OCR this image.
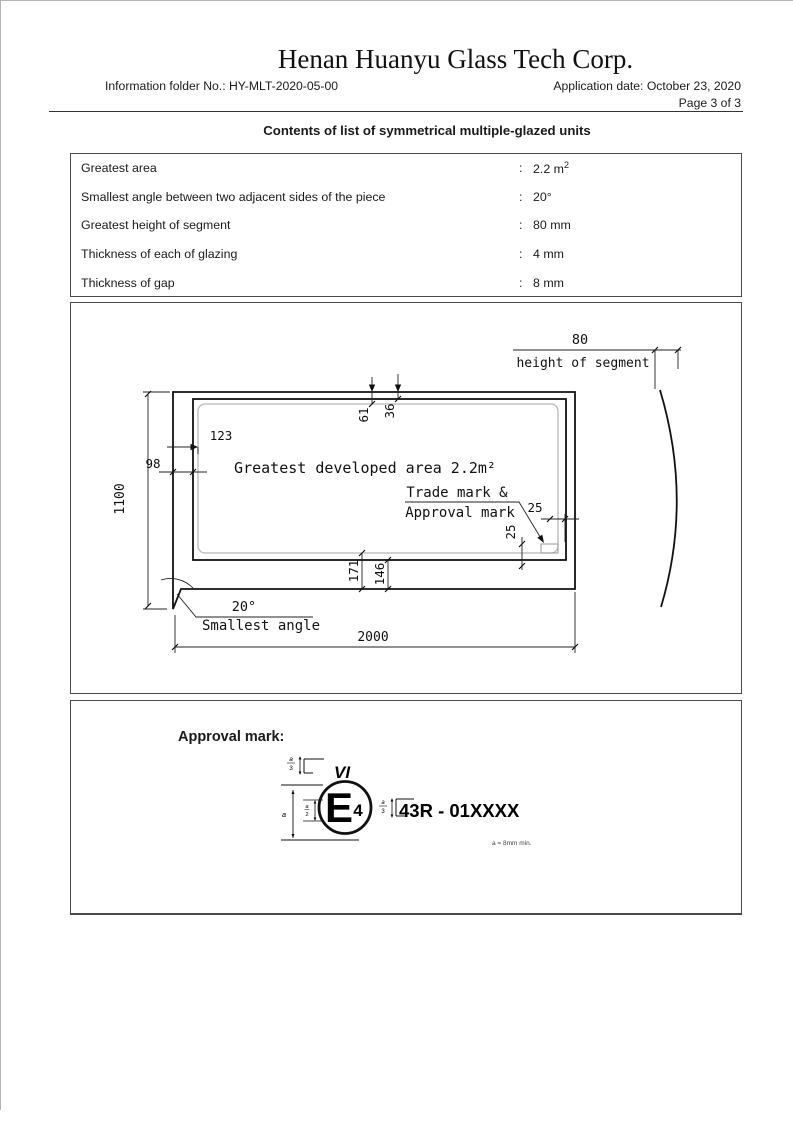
Henan Huanyu Glass Tech Corp.
Information folder No.: HY-MLT-2020-05-00	Application date: October 23, 2020
Page 3 of 3
Contents of list of symmetrical multiple-glazed units
Greatest area	: 2.2 $m^2$
Smallest angle between two adjacent sides of the piece	: 20°
Greatest height of segment	: 80 mm
Thickness of each of glazing	: 4 mm
Thickness of gap	: 8 mm
80
height of segment
1100
2000
123
98
61 36
171 146
Trade mark &
Approval mark 25
25
Greatest developed area 2.2m²
20°
Smallest angle
Approval mark:
a
3 VI
a
a
2 E 4	a
3 43R - 01XXXX
a = 8mm min.
